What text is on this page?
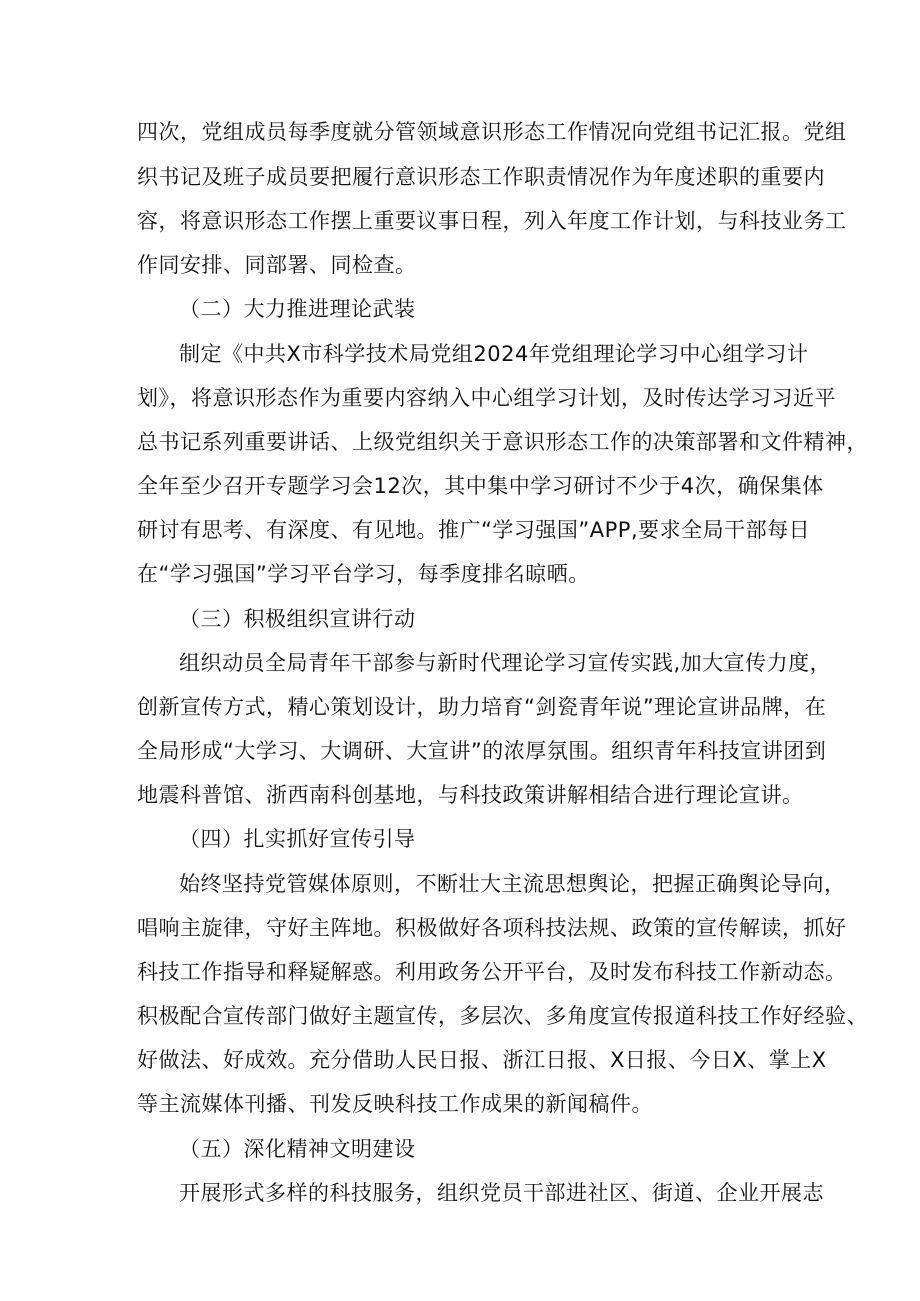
四次，党组成员每季度就分管领域意识形态工作情况向党组书记汇报。党组
织书记及班子成员要把履行意识形态工作职责情况作为年度述职的重要内
容，将意识形态工作摆上重要议事日程，列入年度工作计划，与科技业务工
作同安排、同部署、同检查。
（二）大力推进理论武装
制定《中共X市科学技术局党组2024年党组理论学习中心组学习计
划》，将意识形态作为重要内容纳入中心组学习计划，及时传达学习习近平
总书记系列重要讲话、上级党组织关于意识形态工作的决策部署和文件精神，
全年至少召开专题学习会12次，其中集中学习研讨不少于4次，确保集体
研讨有思考、有深度、有见地。推广“学习强国”APP,要求全局干部每日
在“学习强国”学习平台学习，每季度排名晾晒。
（三）积极组织宣讲行动
组织动员全局青年干部参与新时代理论学习宣传实践,加大宣传力度，
创新宣传方式，精心策划设计，助力培育“剑瓷青年说”理论宣讲品牌，在
全局形成“大学习、大调研、大宣讲”的浓厚氛围。组织青年科技宣讲团到
地震科普馆、浙西南科创基地，与科技政策讲解相结合进行理论宣讲。
（四）扎实抓好宣传引导
始终坚持党管媒体原则，不断壮大主流思想舆论，把握正确舆论导向，
唱响主旋律，守好主阵地。积极做好各项科技法规、政策的宣传解读，抓好
科技工作指导和释疑解惑。利用政务公开平台，及时发布科技工作新动态。
积极配合宣传部门做好主题宣传，多层次、多角度宣传报道科技工作好经验、
好做法、好成效。充分借助人民日报、浙江日报、X日报、今日X、掌上X
等主流媒体刊播、刊发反映科技工作成果的新闻稿件。
（五）深化精神文明建设
开展形式多样的科技服务，组织党员干部进社区、街道、企业开展志
